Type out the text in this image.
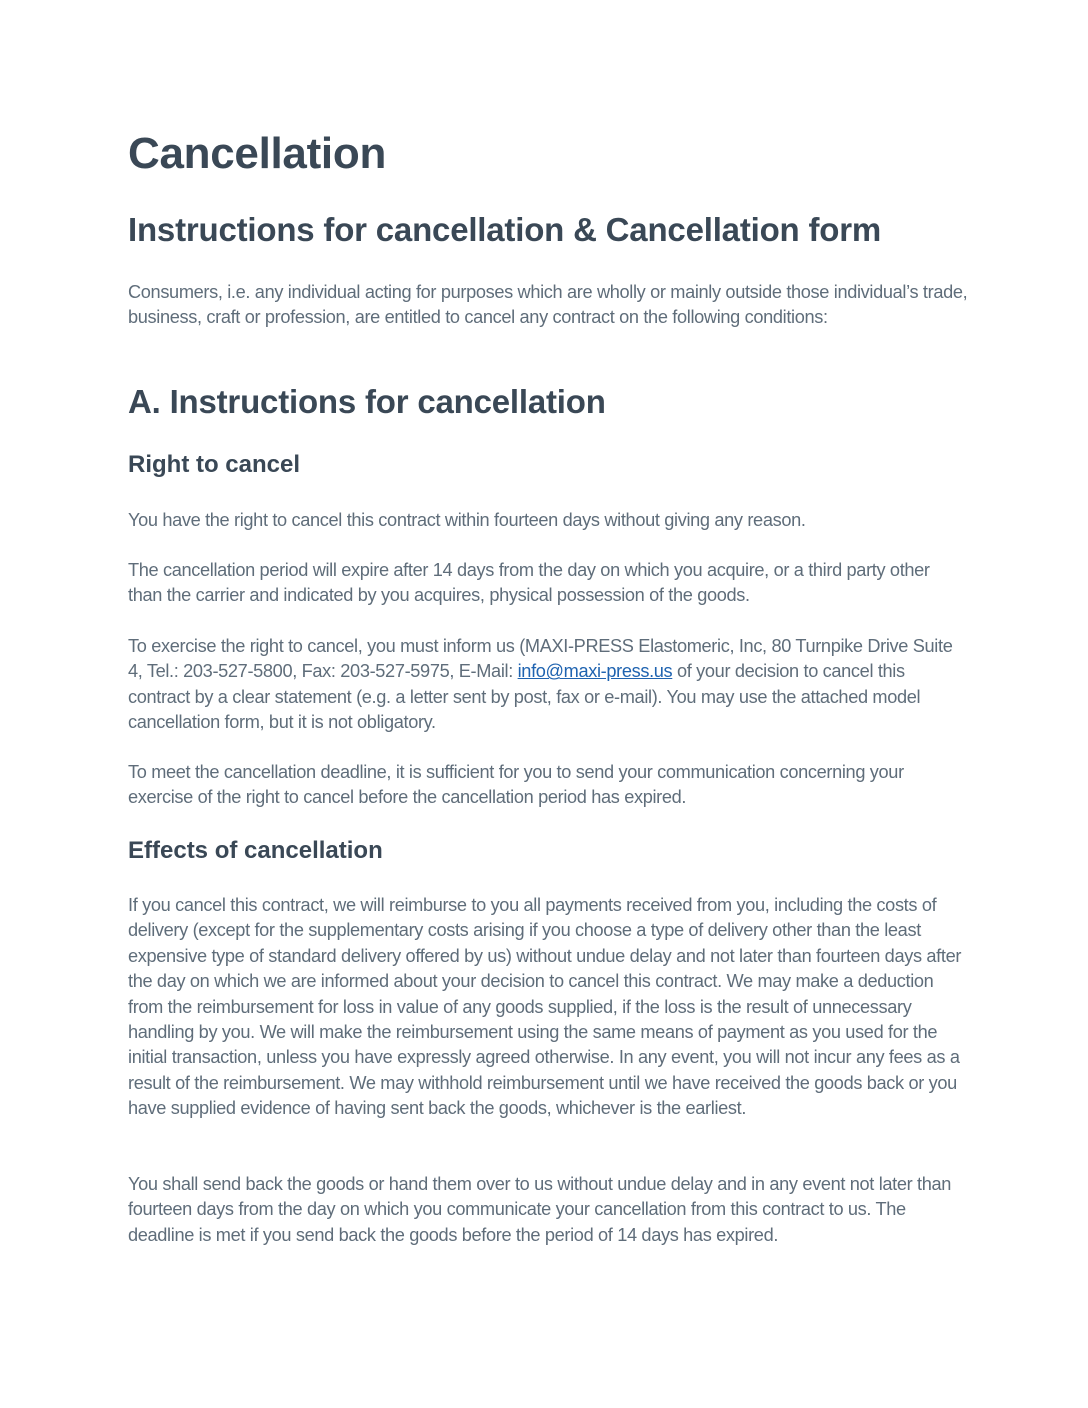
Cancellation
Instructions for cancellation & Cancellation form

Consumers, i.e. any individual acting for purposes which are wholly or mainly outside those individual’s trade, business, craft or profession, are entitled to cancel any contract on the following conditions:

A. Instructions for cancellation
Right to cancel

You have the right to cancel this contract within fourteen days without giving any reason.

The cancellation period will expire after 14 days from the day on which you acquire, or a third party other than the carrier and indicated by you acquires, physical possession of the goods.

To exercise the right to cancel, you must inform us (MAXI-PRESS Elastomeric, Inc, 80 Turnpike Drive Suite 4, Tel.: 203-527-5800, Fax: 203-527-5975, E-Mail: info@maxi-press.us of your decision to cancel this contract by a clear statement (e.g. a letter sent by post, fax or e-mail). You may use the attached model cancellation form, but it is not obligatory.

To meet the cancellation deadline, it is sufficient for you to send your communication concerning your exercise of the right to cancel before the cancellation period has expired.

Effects of cancellation

If you cancel this contract, we will reimburse to you all payments received from you, including the costs of delivery (except for the supplementary costs arising if you choose a type of delivery other than the least expensive type of standard delivery offered by us) without undue delay and not later than fourteen days after the day on which we are informed about your decision to cancel this contract. We may make a deduction from the reimbursement for loss in value of any goods supplied, if the loss is the result of unnecessary handling by you. We will make the reimbursement using the same means of payment as you used for the initial transaction, unless you have expressly agreed otherwise. In any event, you will not incur any fees as a result of the reimbursement. We may withhold reimbursement until we have received the goods back or you have supplied evidence of having sent back the goods, whichever is the earliest.

You shall send back the goods or hand them over to us without undue delay and in any event not later than fourteen days from the day on which you communicate your cancellation from this contract to us. The deadline is met if you send back the goods before the period of 14 days has expired.
